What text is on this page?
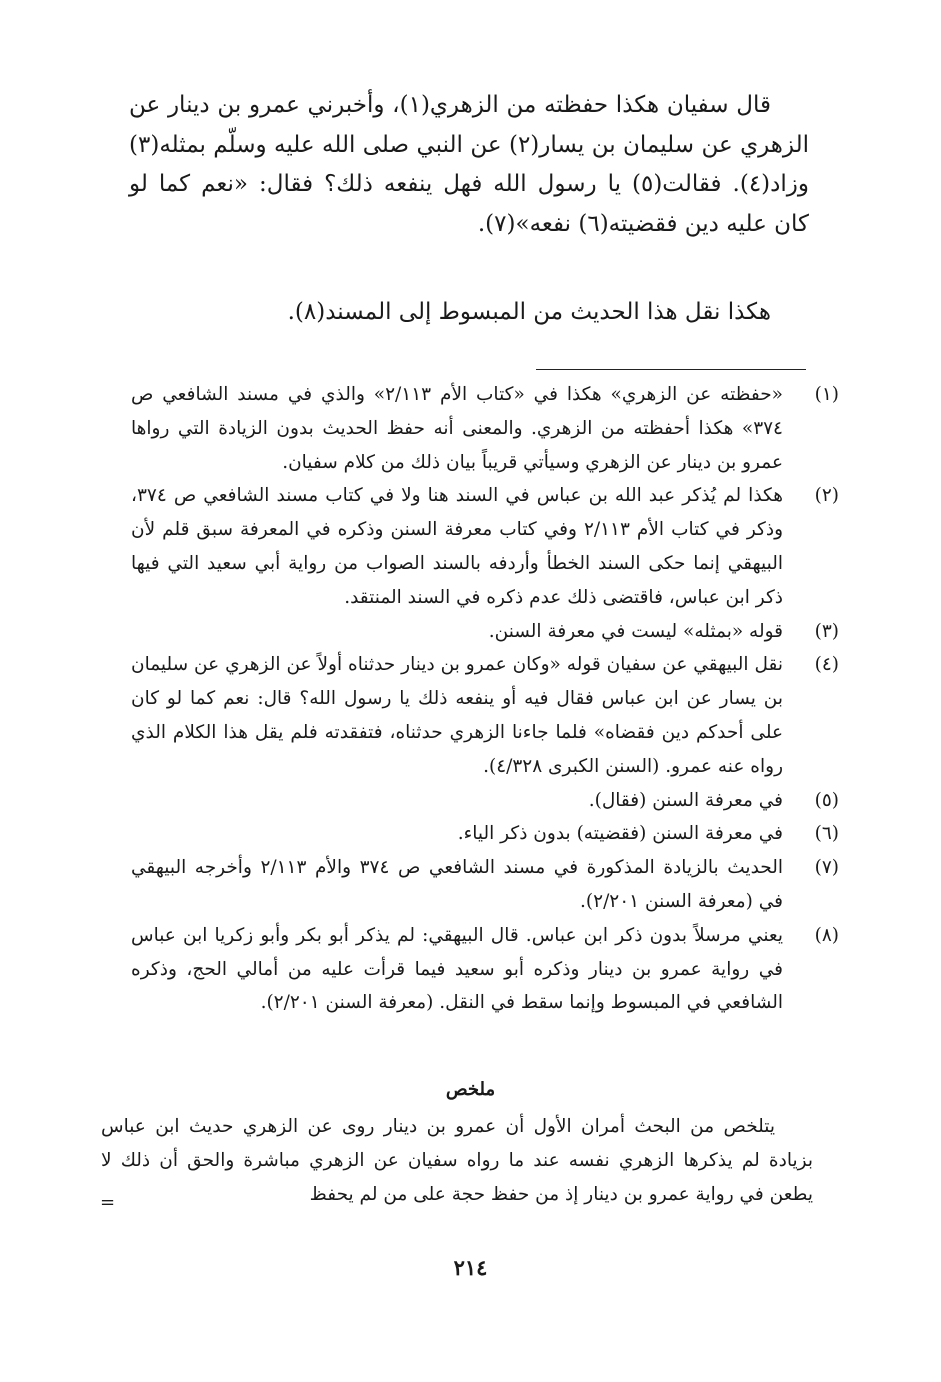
قال سفيان هكذا حفظته من الزهري(١)، وأخبرني عمرو بن دينار عن الزهري عن سليمان بن يسار(٢) عن النبي صلى الله عليه وسلّم بمثله(٣) وزاد(٤). فقالت(٥) يا رسول الله فهل ينفعه ذلك؟ فقال: «نعم كما لو كان عليه دين فقضيته(٦) نفعه»(٧).

هكذا نقل هذا الحديث من المبسوط إلى المسند(٨).
(١)
«حفظته عن الزهري» هكذا في «كتاب الأم ٢/١١٣» والذي في مسند الشافعي ص ٣٧٤» هكذا أحفظته من الزهري. والمعنى أنه حفظ الحديث بدون الزيادة التي رواها عمرو بن دينار عن الزهري وسيأتي قريباً بيان ذلك من كلام سفيان.
(٢)
هكذا لم يُذكر عبد الله بن عباس في السند هنا ولا في كتاب مسند الشافعي ص ٣٧٤، وذكر في كتاب الأم ٢/١١٣ وفي كتاب معرفة السنن وذكره في المعرفة سبق قلم لأن البيهقي إنما حكى السند الخطأ وأردفه بالسند الصواب من رواية أبي سعيد التي فيها ذكر ابن عباس، فاقتضى ذلك عدم ذكره في السند المنتقد.
(٣)
قوله «بمثله» ليست في معرفة السنن.
(٤)
نقل البيهقي عن سفيان قوله «وكان عمرو بن دينار حدثناه أولاً عن الزهري عن سليمان بن يسار عن ابن عباس فقال فيه أو ينفعه ذلك يا رسول الله؟ قال: نعم كما لو كان على أحدكم دين فقضاه» فلما جاءنا الزهري حدثناه، فتفقدته فلم يقل هذا الكلام الذي رواه عنه عمرو. (السنن الكبرى ٤/٣٢٨).
(٥)
في معرفة السنن (فقال).
(٦)
في معرفة السنن (فقضيته) بدون ذكر الياء.
(٧)
الحديث بالزيادة المذكورة في مسند الشافعي ص ٣٧٤ والأم ٢/١١٣ وأخرجه البيهقي في (معرفة السنن ٢/٢٠١).
(٨)
يعني مرسلاً بدون ذكر ابن عباس. قال البيهقي: لم يذكر أبو بكر وأبو زكريا ابن عباس في رواية عمرو بن دينار وذكره أبو سعيد فيما قرأت عليه من أمالي الحج، وذكره الشافعي في المبسوط وإنما سقط في النقل. (معرفة السنن ٢/٢٠١).
ملخص

يتلخص من البحث أمران الأول أن عمرو بن دينار روى عن الزهري حديث ابن عباس بزيادة لم يذكرها الزهري نفسه عند ما رواه سفيان عن الزهري مباشرة والحق أن ذلك لا يطعن في رواية عمرو بن دينار إذ من حفظ حجة على من لم يحفظ

=
٢١٤
